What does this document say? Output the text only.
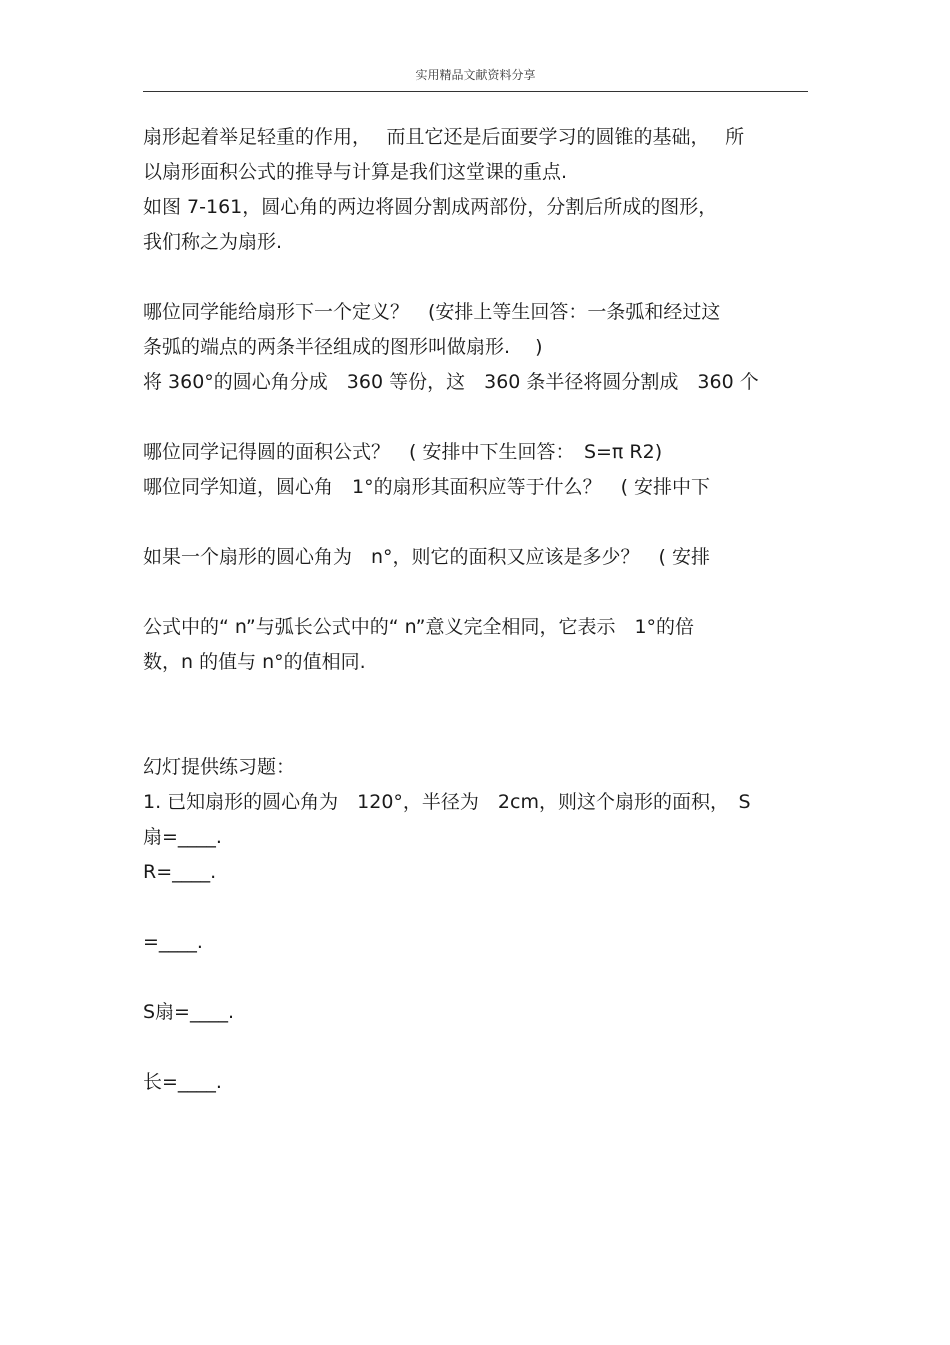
实用精品文献资料分享
扇形起着举足轻重的作用，　 而且它还是后面要学习的圆锥的基础，　 所
以扇形面积公式的推导与计算是我们这堂课的重点.
如图 7-161，圆心角的两边将圆分割成两部份，分割后所成的图形，
我们称之为扇形.
哪位同学能给扇形下一个定义？　(安排上等生回答：一条弧和经过这
条弧的端点的两条半径组成的图形叫做扇形.　 )
将 360°的圆心角分成　360 等份，这　360 条半径将圆分割成　360 个
哪位同学记得圆的面积公式？　( 安排中下生回答：　S=π R2)
哪位同学知道，圆心角　1°的扇形其面积应等于什么？　( 安排中下
如果一个扇形的圆心角为　n°，则它的面积又应该是多少？　( 安排
公式中的“ n”与弧长公式中的“ n”意义完全相同，它表示　1°的倍
数，n 的值与 n°的值相同.
幻灯提供练习题：
1. 已知扇形的圆心角为　120°，半径为　2cm，则这个扇形的面积，　S
扇=____.
R=____.
=____.
S扇=____.
长=____.
